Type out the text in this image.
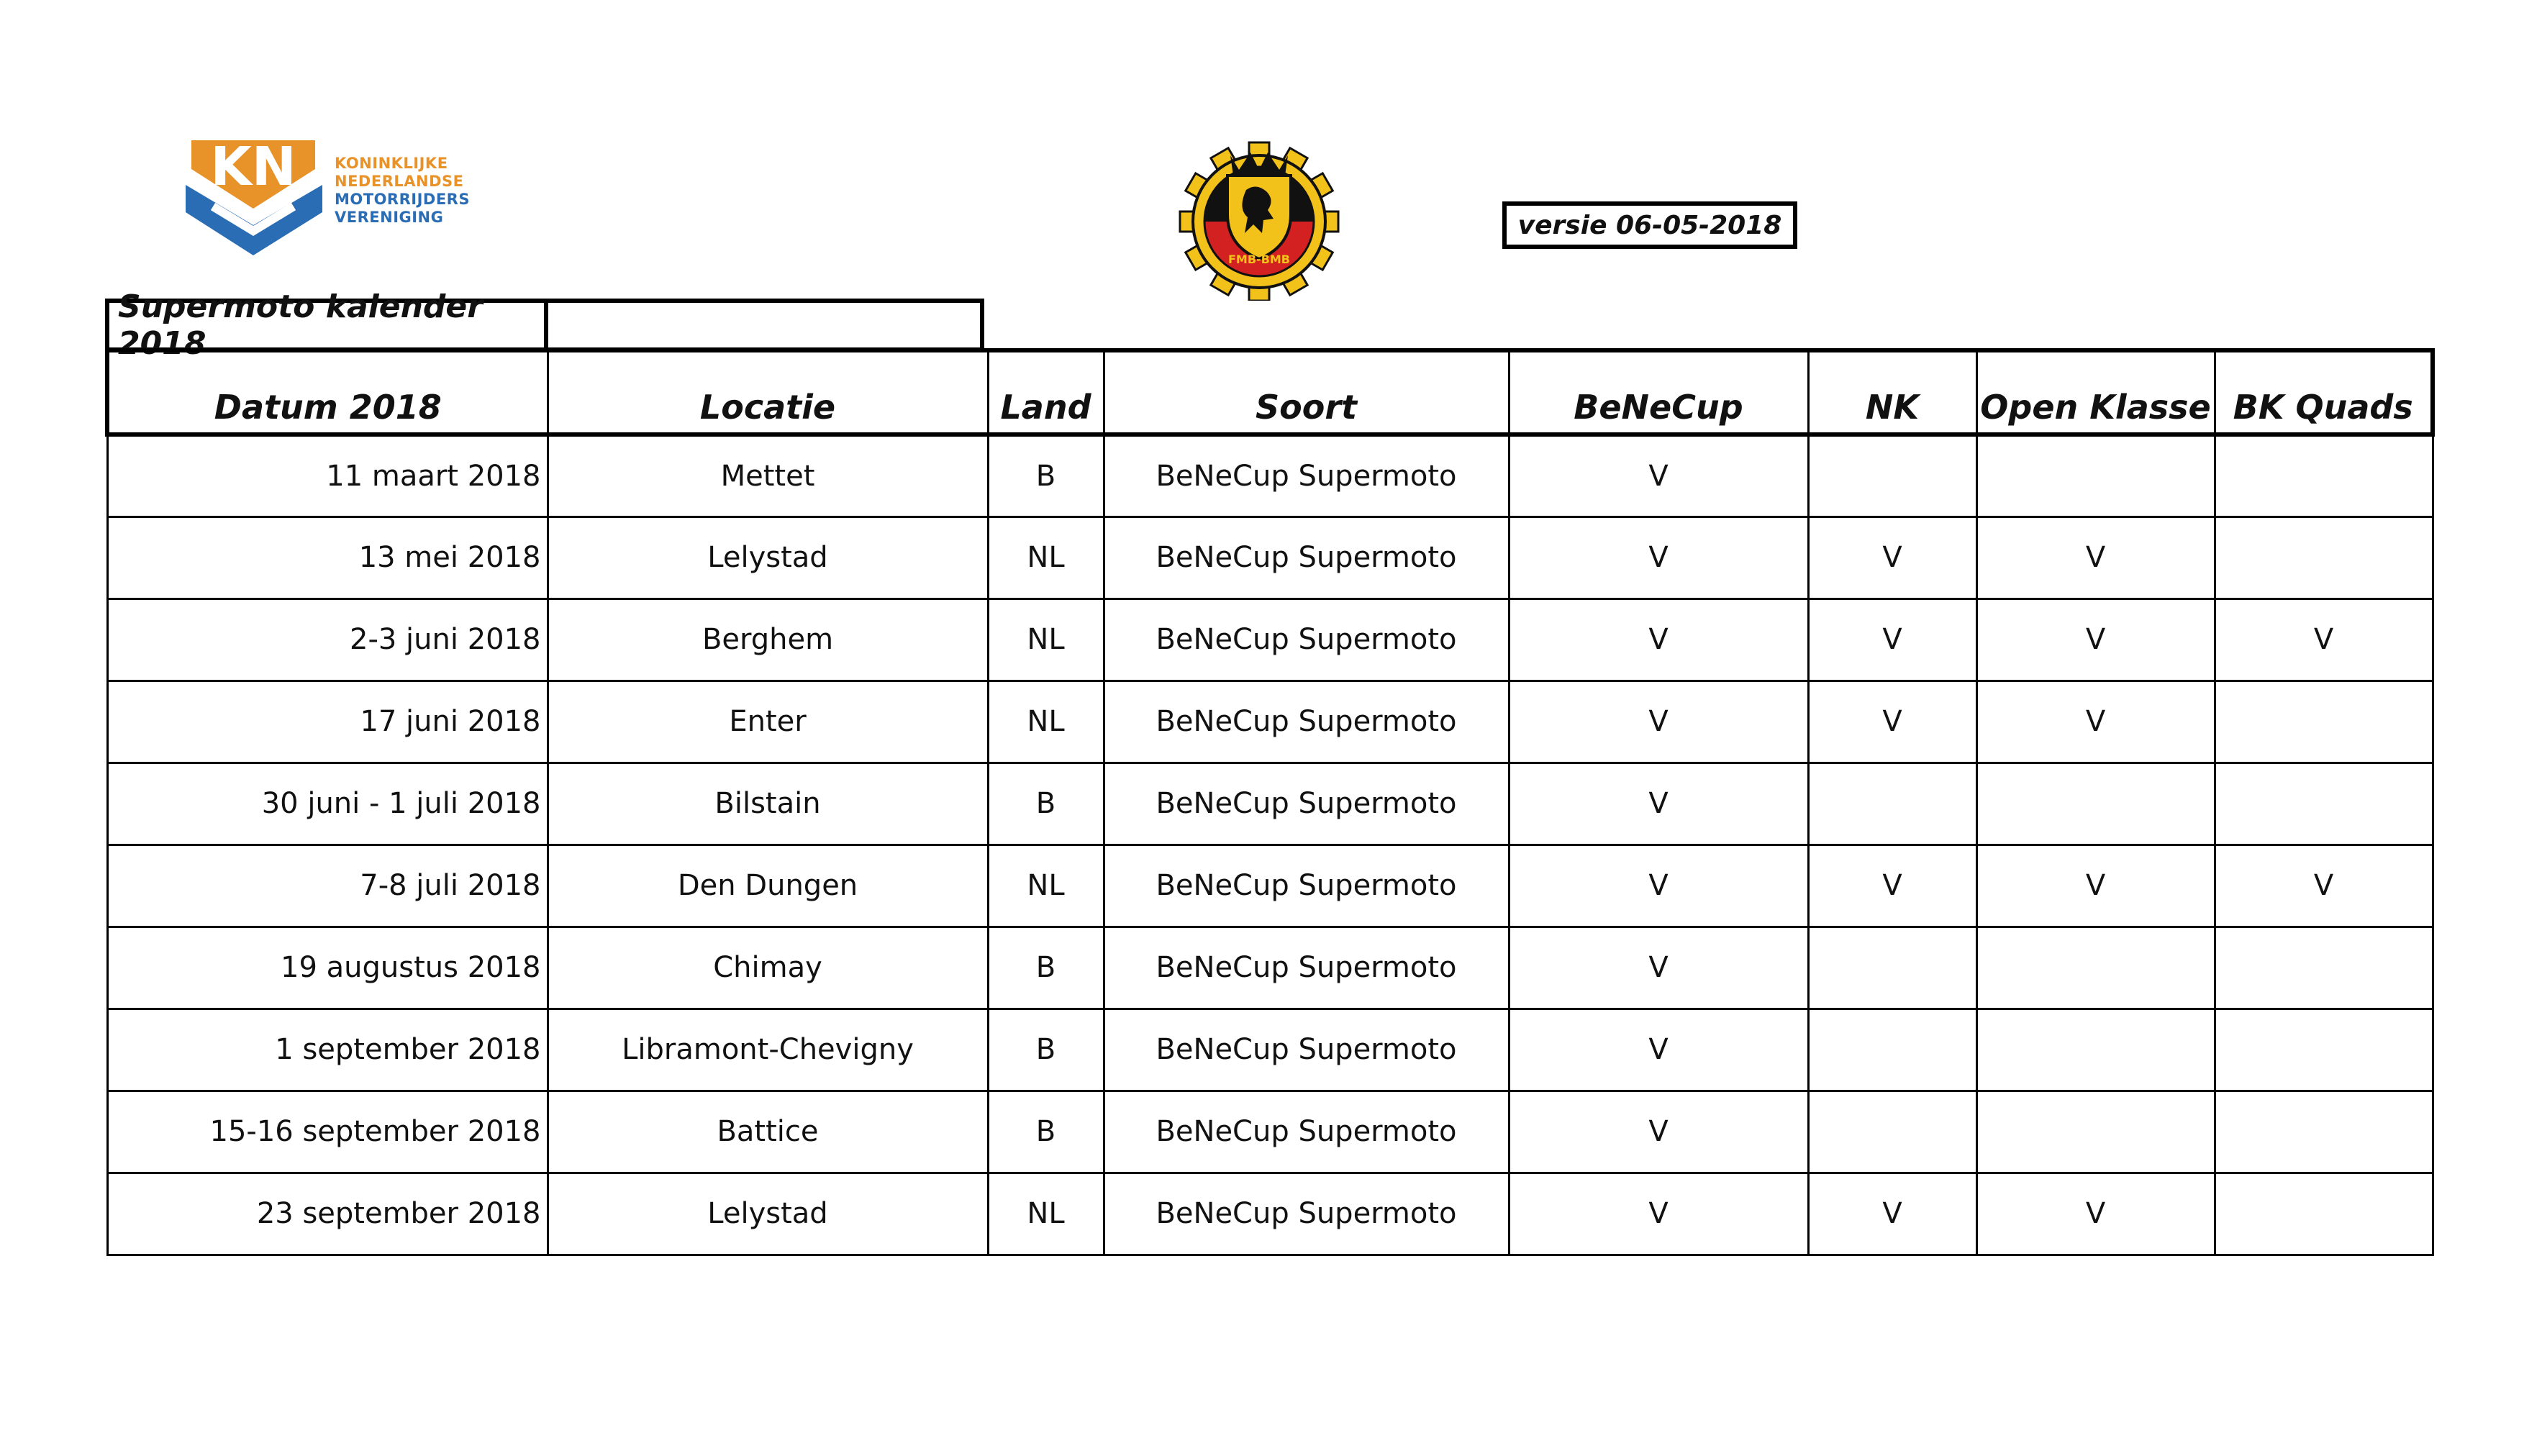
KN	KONINKLIJKE
NEDERLANDSE
MOTORRIJDERS
VERENIGING
FMB-BMB
versie 06-05-2018
Supermoto kalender 2018
Datum 2018	Locatie	Land	Soort	BeNeCup	NK	Open Klasse	BK Quads
11 maart 2018	Mettet	B	BeNeCup Supermoto	V			
13 mei 2018	Lelystad	NL	BeNeCup Supermoto	V	V	V	
2-3 juni 2018	Berghem	NL	BeNeCup Supermoto	V	V	V	V
17 juni 2018	Enter	NL	BeNeCup Supermoto	V	V	V	
30 juni - 1 juli 2018	Bilstain	B	BeNeCup Supermoto	V			
7-8 juli 2018	Den Dungen	NL	BeNeCup Supermoto	V	V	V	V
19 augustus 2018	Chimay	B	BeNeCup Supermoto	V			
1 september 2018	Libramont-Chevigny	B	BeNeCup Supermoto	V			
15-16 september 2018	Battice	B	BeNeCup Supermoto	V			
23 september 2018	Lelystad	NL	BeNeCup Supermoto	V	V	V	
